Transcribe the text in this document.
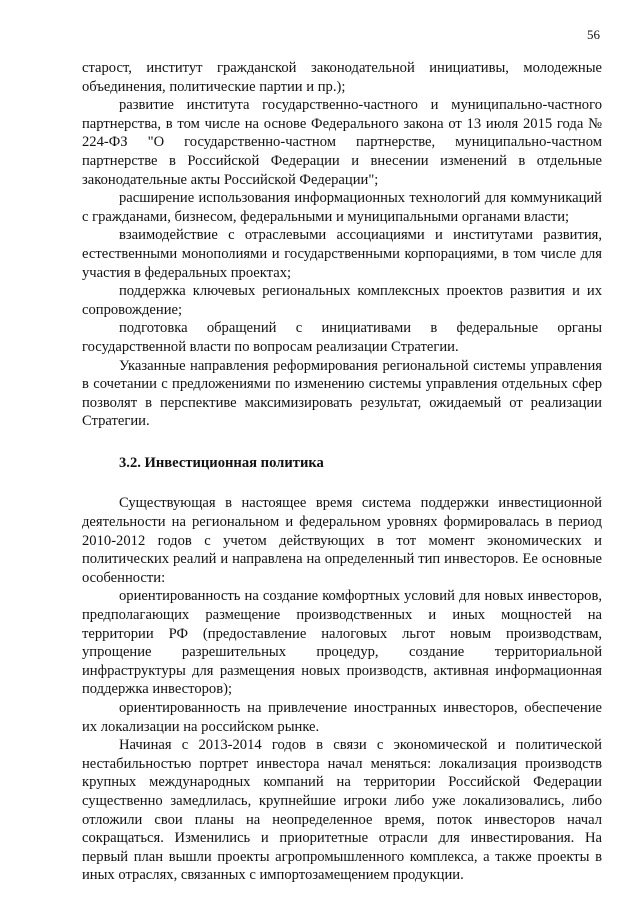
56

старост, институт гражданской законодательной инициативы, молодежные объединения, политические партии и пр.);

развитие института государственно-частного и муниципально-частного партнерства, в том числе на основе Федерального закона от 13 июля 2015 года № 224-ФЗ "О государственно-частном партнерстве, муниципально-частном партнерстве в Российской Федерации и внесении изменений в отдельные законодательные акты Российской Федерации";

расширение использования информационных технологий для коммуникаций с гражданами, бизнесом, федеральными и муниципальными органами власти;

взаимодействие с отраслевыми ассоциациями и институтами развития, естественными монополиями и государственными корпорациями, в том числе для участия в федеральных проектах;

поддержка ключевых региональных комплексных проектов развития и их сопровождение;

подготовка обращений с инициативами в федеральные органы государственной власти по вопросам реализации Стратегии.

Указанные направления реформирования региональной системы управления в сочетании с предложениями по изменению системы управления отдельных сфер позволят в перспективе максимизировать результат, ожидаемый от реализации Стратегии.

3.2. Инвестиционная политика

Существующая в настоящее время система поддержки инвестиционной деятельности на региональном и федеральном уровнях формировалась в период 2010-2012 годов с учетом действующих в тот момент экономических и политических реалий и направлена на определенный тип инвесторов. Ее основные особенности:

ориентированность на создание комфортных условий для новых инвесторов, предполагающих размещение производственных и иных мощностей на территории РФ (предоставление налоговых льгот новым производствам, упрощение разрешительных процедур, создание территориальной инфраструктуры для размещения новых производств, активная информационная поддержка инвесторов);

ориентированность на привлечение иностранных инвесторов, обеспечение их локализации на российском рынке.

Начиная с 2013-2014 годов в связи с экономической и политической нестабильностью портрет инвестора начал меняться: локализация производств крупных международных компаний на территории Российской Федерации существенно замедлилась, крупнейшие игроки либо уже локализовались, либо отложили свои планы на неопределенное время, поток инвесторов начал сокращаться. Изменились и приоритетные отрасли для инвестирования. На первый план вышли проекты агропромышленного комплекса, а также проекты в иных отраслях, связанных с импортозамещением продукции.
